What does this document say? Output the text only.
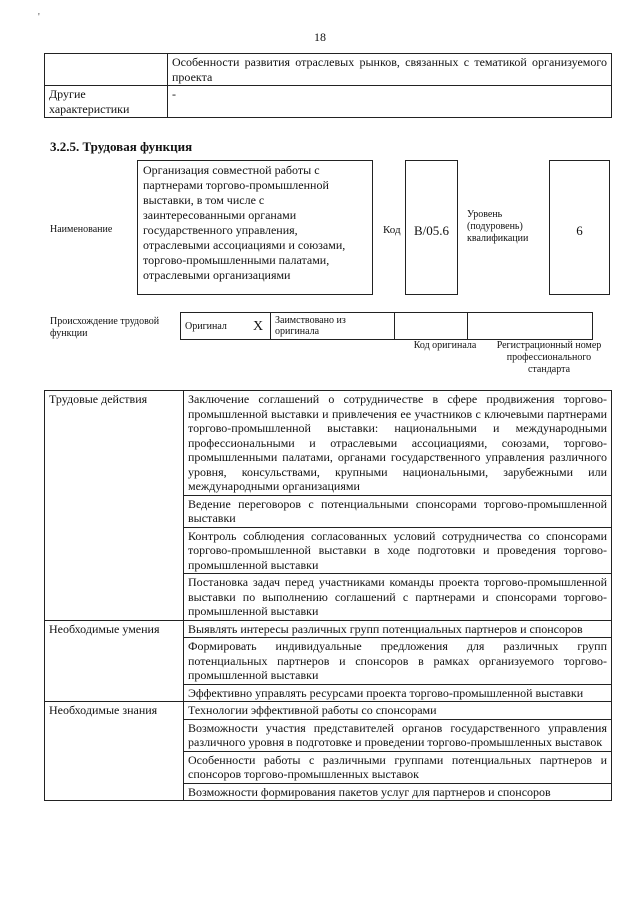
'
18
	Особенности развития отраслевых рынков, связанных с тематикой организуемого проекта
Другие характеристики	-
3.2.5. Трудовая функция
Наименование
Организация совместной работы с партнерами торгово-промышленной выставки, в том числе с заинтересованными органами государственного управления, отраслевыми ассоциациями и союзами, торгово-промышленными палатами, отраслевыми организациями
Код	B/05.6
Уровень (подуровень) квалификации
6
Происхождение трудовой функции
Оригинал	X	Заимствовано из оригинала		
Код оригинала	Регистрационный номер профессионального стандарта
Трудовые действия	Заключение соглашений о сотрудничестве в сфере продвижения торгово-промышленной выставки и привлечения ее участников с ключевыми партнерами торгово-промышленной выставки: национальными и международными профессиональными и отраслевыми ассоциациями, союзами, торгово-промышленными палатами, органами государственного управления различного уровня, консульствами, крупными национальными, зарубежными или международными организациями
	Ведение переговоров с потенциальными спонсорами торгово-промышленной выставки
	Контроль соблюдения согласованных условий сотрудничества со спонсорами торгово-промышленной выставки в ходе подготовки и проведения торгово-промышленной выставки
	Постановка задач перед участниками команды проекта торгово-промышленной выставки по выполнению соглашений с партнерами и спонсорами торгово-промышленной выставки
Необходимые умения	Выявлять интересы различных групп потенциальных партнеров и спонсоров
	Формировать индивидуальные предложения для различных групп потенциальных партнеров и спонсоров в рамках организуемого торгово-промышленной выставки
	Эффективно управлять ресурсами проекта торгово-промышленной выставки
Необходимые знания	Технологии эффективной работы со спонсорами
	Возможности участия представителей органов государственного управления различного уровня в подготовке и проведении торгово-промышленных выставок
	Особенности работы с различными группами потенциальных партнеров и спонсоров торгово-промышленных выставок
	Возможности формирования пакетов услуг для партнеров и спонсоров
